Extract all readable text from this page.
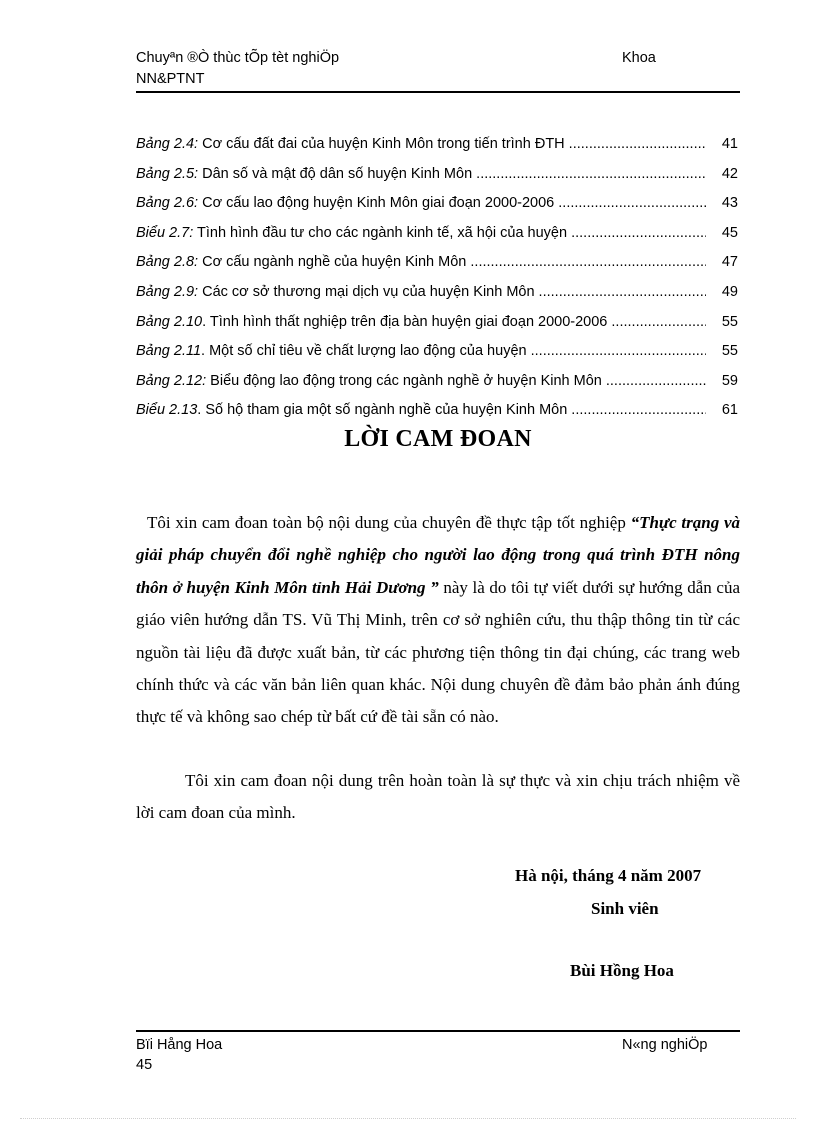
Chuyªn ®Ò thùc tÕp tèt nghiÖp	Khoa
NN&PTNT
Bảng 2.4: Cơ cấu đất đai của huyện Kinh Môn trong tiến trình ĐTH .....	41
Bảng 2.5: Dân số và mật độ dân số huyện Kinh Môn .....	42
Bảng 2.6: Cơ cấu lao động huyện Kinh Môn giai đoạn 2000-2006 .....	43
Biểu 2.7: Tình hình đầu tư cho các ngành kinh tế, xã hội của huyện .....	45
Bảng 2.8: Cơ cấu ngành nghề của huyện Kinh Môn .....	47
Bảng 2.9: Các cơ sở thương mại dịch vụ của huyện Kinh Môn .....	49
Bảng 2.10. Tình hình thất nghiệp trên địa bàn huyện giai đoạn 2000-2006 .....	55
Bảng 2.11. Một số chỉ tiêu về chất lượng lao động của huyện .....	55
Bảng 2.12: Biểu động lao động trong các ngành nghề ở huyện Kinh Môn .....	59
Biểu 2.13. Số hộ tham gia một số ngành nghề của huyện Kinh Môn .....	61
LỜI CAM ĐOAN
Tôi xin cam đoan toàn bộ nội dung của chuyên đề thực tập tốt nghiệp “Thực trạng và giải pháp chuyển đổi nghề nghiệp cho người lao động trong quá trình ĐTH nông thôn ở huyện Kinh Môn tỉnh Hải Dương ” này là do tôi tự viết dưới sự hướng dẫn của giáo viên hướng dẫn TS. Vũ Thị Minh, trên cơ sở nghiên cứu, thu thập thông tin từ các nguồn tài liệu đã được xuất bản, từ các phương tiện thông tin đại chúng, các trang web chính thức và các văn bản liên quan khác. Nội dung chuyên đề đảm bảo phản ánh đúng thực tế và không sao chép từ bất cứ đề tài sẵn có nào.
Tôi xin cam đoan nội dung trên hoàn toàn là sự thực và xin chịu trách nhiệm về lời cam đoan của mình.
Hà nội, tháng 4 năm 2007
Sinh viên
Bùi Hồng Hoa
Bïi Hång Hoa	N«ng nghiÖp
45
